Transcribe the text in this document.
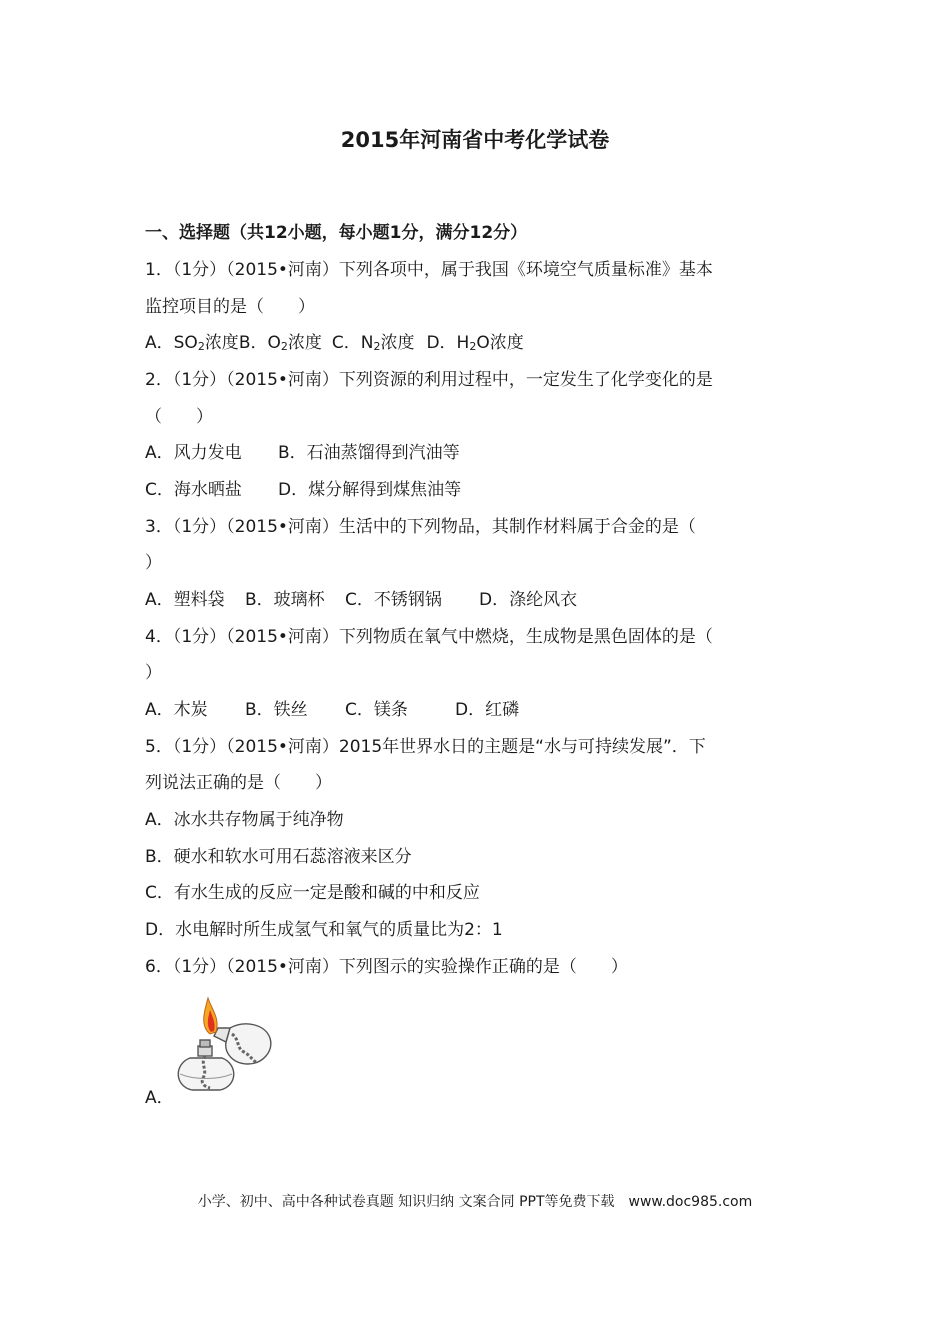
2015年河南省中考化学试卷
一、选择题（共12小题，每小题1分，满分12分）
1．（1分）（2015•河南）下列各项中，属于我国《环境空气质量标准》基本
监控项目的是（　　）
A．$SO_2$浓度B．$O_2$浓度 C．$N_2$浓度 D．$H_2O$浓度
2．（1分）（2015•河南）下列资源的利用过程中，一定发生了化学变化的是
（　　）
A．风力发电 B．石油蒸馏得到汽油等
C．海水晒盐 D．煤分解得到煤焦油等
3．（1分）（2015•河南）生活中的下列物品，其制作材料属于合金的是（
）
A．塑料袋 B．玻璃杯 C．不锈钢锅 D．涤纶风衣
4．（1分）（2015•河南）下列物质在氧气中燃烧，生成物是黑色固体的是（
）
A．木炭 B．铁丝 C．镁条	D．红磷
5．（1分）（2015•河南）2015年世界水日的主题是“水与可持续发展”．下
列说法正确的是（　　）
A．冰水共存物属于纯净物
B．硬水和软水可用石蕊溶液来区分
C．有水生成的反应一定是酸和碱的中和反应
D．水电解时所生成氢气和氧气的质量比为2：1
6．（1分）（2015•河南）下列图示的实验操作正确的是（　　）
A．
小学、初中、高中各种试卷真题 知识归纳 文案合同 PPT等免费下载　www.doc985.com
